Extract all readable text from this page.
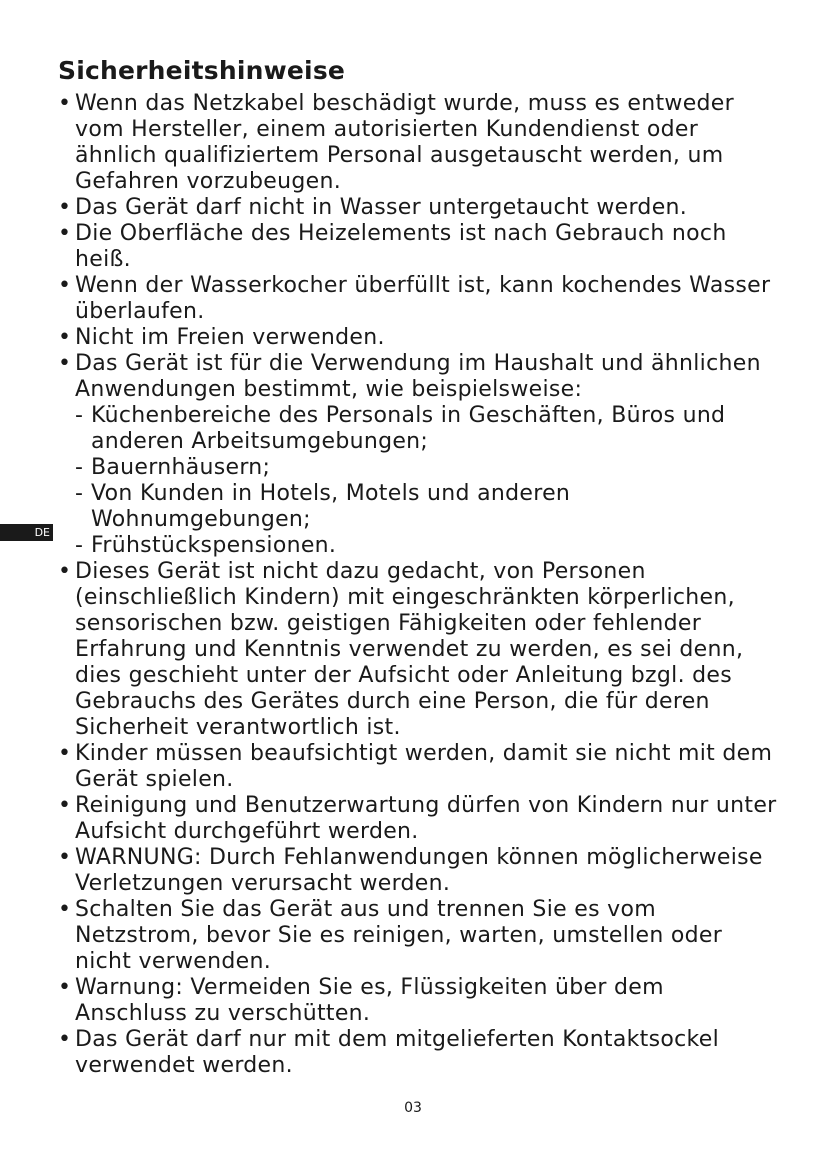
Sicherheitshinweise
• Wenn das Netzkabel beschädigt wurde, muss es entweder vom Hersteller, einem autorisierten Kundendienst oder ähnlich qualifiziertem Personal ausgetauscht werden, um Gefahren vorzubeugen.
• Das Gerät darf nicht in Wasser untergetaucht werden.
• Die Oberfläche des Heizelements ist nach Gebrauch noch heiß.
• Wenn der Wasserkocher überfüllt ist, kann kochendes Wasser überlaufen.
• Nicht im Freien verwenden.
• Das Gerät ist für die Verwendung im Haushalt und ähnlichen Anwendungen bestimmt, wie beispielsweise:
- Küchenbereiche des Personals in Geschäften, Büros und anderen Arbeitsumgebungen;
- Bauernhäusern;
- Von Kunden in Hotels, Motels und anderen Wohnumgebungen;
- Frühstückspensionen.
• Dieses Gerät ist nicht dazu gedacht, von Personen (einschließlich Kindern) mit eingeschränkten körperlichen, sensorischen bzw. geistigen Fähigkeiten oder fehlender Erfahrung und Kenntnis verwendet zu werden, es sei denn, dies geschieht unter der Aufsicht oder Anleitung bzgl. des Gebrauchs des Gerätes durch eine Person, die für deren Sicherheit verantwortlich ist.
• Kinder müssen beaufsichtigt werden, damit sie nicht mit dem Gerät spielen.
• Reinigung und Benutzerwartung dürfen von Kindern nur unter Aufsicht durchgeführt werden.
• WARNUNG: Durch Fehlanwendungen können möglicherweise Verletzungen verursacht werden.
• Schalten Sie das Gerät aus und trennen Sie es vom Netzstrom, bevor Sie es reinigen, warten, umstellen oder nicht verwenden.
• Warnung: Vermeiden Sie es, Flüssigkeiten über dem Anschluss zu verschütten.
• Das Gerät darf nur mit dem mitgelieferten Kontaktsockel verwendet werden.
DE
03
